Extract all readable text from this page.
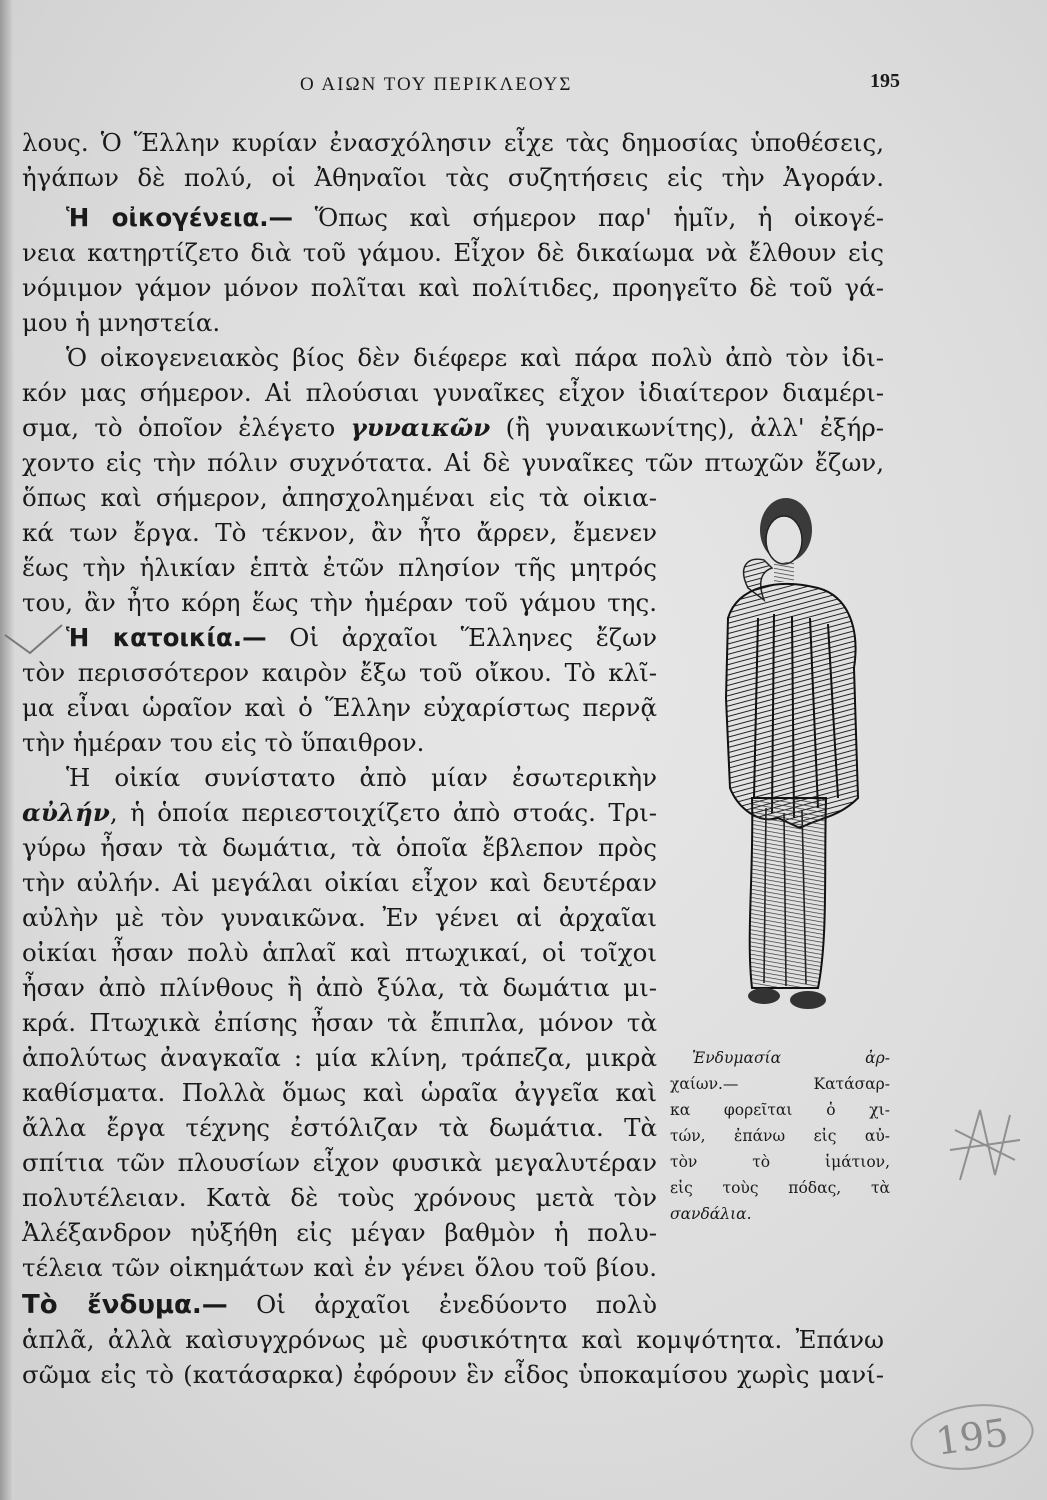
Ο ΑΙΩΝ ΤΟΥ ΠΕΡΙΚΛΕΟΥΣ	195
λους. Ὁ Ἕλλην κυρίαν ἐνασχόλησιν εἶχε τὰς δημοσίας ὑποθέσεις,
ἠγάπων δὲ πολύ, οἱ Ἀθηναῖοι τὰς συζητήσεις εἰς τὴν Ἀγοράν.
Ἡ οἰκογένεια.— Ὅπως καὶ σήμερον παρ' ἡμῖν, ἡ οἰκογέ-
νεια κατηρτίζετο διὰ τοῦ γάμου. Εἶχον δὲ δικαίωμα νὰ ἔλθουν εἰς
νόμιμον γάμον μόνον πολῖται καὶ πολίτιδες, προηγεῖτο δὲ τοῦ γά-
μου ἡ μνηστεία.
Ὁ οἰκογενειακὸς βίος δὲν διέφερε καὶ πάρα πολὺ ἀπὸ τὸν ἰδι-
κόν μας σήμερον. Αἱ πλούσιαι γυναῖκες εἶχον ἰδιαίτερον διαμέρι-
σμα, τὸ ὁποῖον ἐλέγετο γυναικῶν (ἢ γυναικωνίτης), ἀλλ' ἐξήρ-
χοντο εἰς τὴν πόλιν συχνότατα. Αἱ δὲ γυναῖκες τῶν πτωχῶν ἔζων,
ὅπως καὶ σήμερον, ἀπησχολημέναι εἰς τὰ οἰκια-
κά των ἔργα. Τὸ τέκνον, ἂν ἦτο ἄρρεν, ἔμενεν
ἕως τὴν ἡλικίαν ἑπτὰ ἐτῶν πλησίον τῆς μητρός
του, ἂν ἦτο κόρη ἕως τὴν ἡμέραν τοῦ γάμου της.
Ἡ κατοικία.— Οἱ ἀρχαῖοι Ἕλληνες ἔζων
τὸν περισσότερον καιρὸν ἔξω τοῦ οἴκου. Τὸ κλῖ-
μα εἶναι ὡραῖον καὶ ὁ Ἕλλην εὐχαρίστως περνᾷ
τὴν ἡμέραν του εἰς τὸ ὕπαιθρον.
Ἡ οἰκία συνίστατο ἀπὸ μίαν ἐσωτερικὴν
αὐλήν, ἡ ὁποία περιεστοιχίζετο ἀπὸ στοάς. Τρι-
γύρω ἦσαν τὰ δωμάτια, τὰ ὁποῖα ἔβλεπον πρὸς
τὴν αὐλήν. Αἱ μεγάλαι οἰκίαι εἶχον καὶ δευτέραν
αὐλὴν μὲ τὸν γυναικῶνα. Ἐν γένει αἱ ἀρχαῖαι
οἰκίαι ἦσαν πολὺ ἁπλαῖ καὶ πτωχικαί, οἱ τοῖχοι
ἦσαν ἀπὸ πλίνθους ἢ ἀπὸ ξύλα, τὰ δωμάτια μι-
κρά. Πτωχικὰ ἐπίσης ἦσαν τὰ ἔπιπλα, μόνον τὰ
ἀπολύτως ἀναγκαῖα : μία κλίνη, τράπεζα, μικρὰ
καθίσματα. Πολλὰ ὅμως καὶ ὡραῖα ἀγγεῖα καὶ
ἄλλα ἔργα τέχνης ἐστόλιζαν τὰ δωμάτια. Τὰ
σπίτια τῶν πλουσίων εἶχον φυσικὰ μεγαλυτέραν
πολυτέλειαν. Κατὰ δὲ τοὺς χρόνους μετὰ τὸν
Ἀλέξανδρον ηὐξήθη εἰς μέγαν βαθμὸν ἡ πολυ-
τέλεια τῶν οἰκημάτων καὶ ἐν γένει ὅλου τοῦ βίου.
Τὸ ἔνδυμα.— Οἱ ἀρχαῖοι ἐνεδύοντο πολὺ
ἁπλᾶ, ἀλλὰ καὶσυγχρόνως μὲ φυσικότητα καὶ κομψότητα. Ἐπάνω
σῶμα εἰς τὸ (κατάσαρκα) ἐφόρουν ἓν εἶδος ὑποκαμίσου χωρὶς μανί-
Ἐνδυμασία ἀρ-
χαίων.— Κατάσαρ-
κα φορεῖται ὁ χι-
τών, ἐπάνω εἰς αὐ-
τὸν τὸ ἱμάτιον,
εἰς τοὺς πόδας, τὰ
σανδάλια.
195
